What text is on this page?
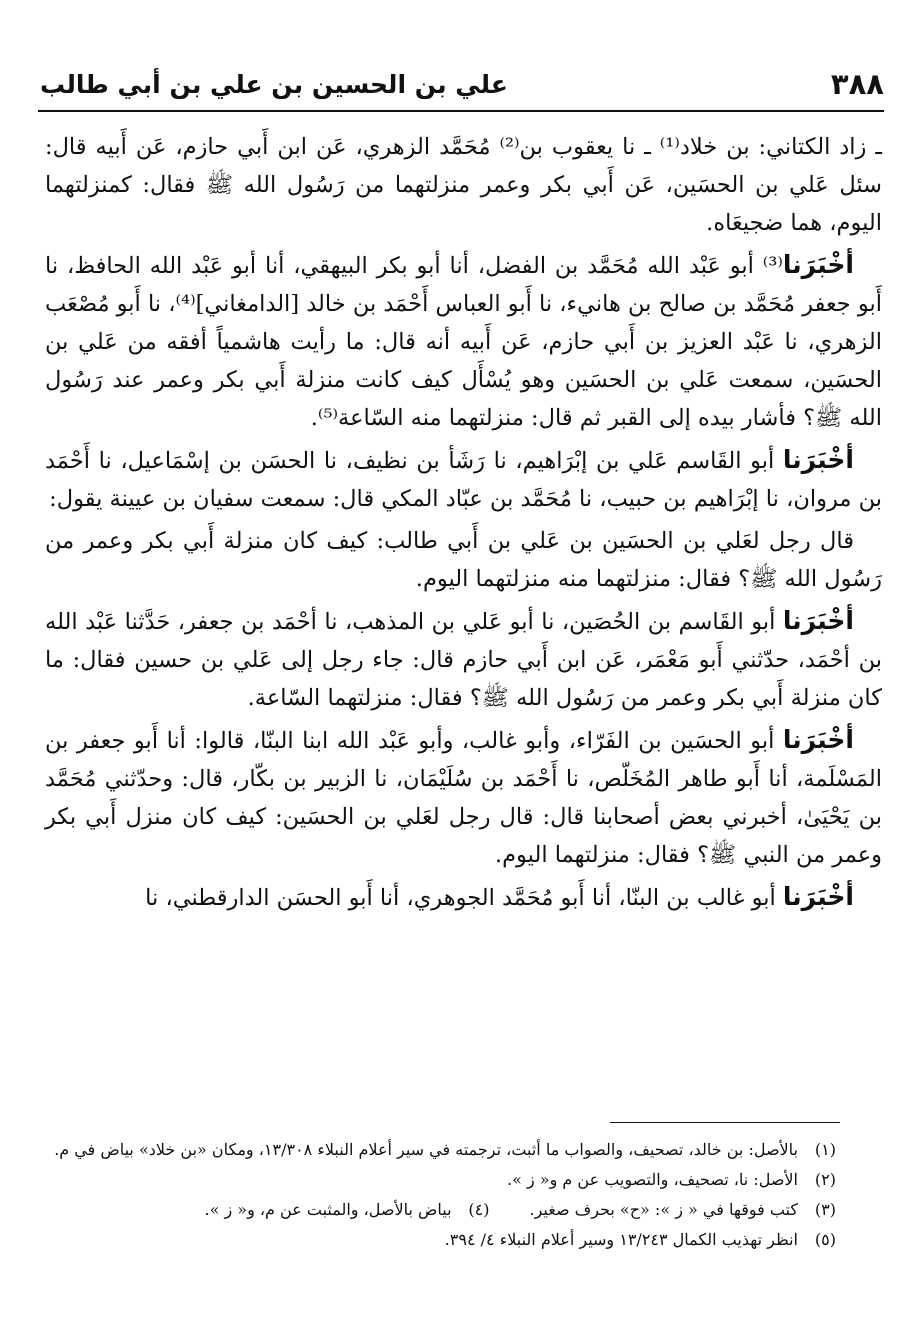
٣٨٨
علي بن الحسين بن علي بن أبي طالب

ـ زاد الكتاني: بن خلاد⁽¹⁾ ـ نا يعقوب بن⁽²⁾ مُحَمَّد الزهري، عَن ابن أَبي حازم، عَن أَبيه قال: سئل عَلي بن الحسَين، عَن أَبي بكر وعمر منزلتهما من رَسُول الله ﷺ فقال: كمنزلتهما اليوم، هما ضجيعَاه.

أخْبَرَنا⁽³⁾ أبو عَبْد الله مُحَمَّد بن الفضل، أنا أبو بكر البيهقي، أنا أبو عَبْد الله الحافظ، نا أَبو جعفر مُحَمَّد بن صالح بن هانيء، نا أَبو العباس أَحْمَد بن خالد [الدامغاني]⁽⁴⁾، نا أَبو مُصْعَب الزهري، نا عَبْد العزيز بن أَبي حازم، عَن أَبيه أنه قال: ما رأيت هاشمياً أفقه من عَلي بن الحسَين، سمعت عَلي بن الحسَين وهو يُسْأَل كيف كانت منزلة أَبي بكر وعمر عند رَسُول الله ﷺ؟ فأشار بيده إلى القبر ثم قال: منزلتهما منه السّاعة⁽⁵⁾.

أخْبَرَنا أبو القَاسم عَلي بن إبْرَاهيم، نا رَشَأ بن نظيف، نا الحسَن بن إسْمَاعيل، نا أَحْمَد بن مروان، نا إبْرَاهيم بن حبيب، نا مُحَمَّد بن عبّاد المكي قال: سمعت سفيان بن عيينة يقول:

قال رجل لعَلي بن الحسَين بن عَلي بن أَبي طالب: كيف كان منزلة أَبي بكر وعمر من رَسُول الله ﷺ؟ فقال: منزلتهما منه منزلتهما اليوم.

أخْبَرَنا أبو القَاسم بن الحُصَين، نا أبو عَلي بن المذهب، نا أحْمَد بن جعفر، حَدَّثنا عَبْد الله بن أحْمَد، حدّثني أَبو مَعْمَر، عَن ابن أَبي حازم قال: جاء رجل إلى عَلي بن حسين فقال: ما كان منزلة أَبي بكر وعمر من رَسُول الله ﷺ؟ فقال: منزلتهما السّاعة.

أخْبَرَنا أبو الحسَين بن الفَرّاء، وأبو غالب، وأبو عَبْد الله ابنا البنّا، قالوا: أنا أَبو جعفر بن المَسْلَمة، أنا أَبو طاهر المُخَلّص، نا أَحْمَد بن سُلَيْمَان، نا الزبير بن بكّار، قال: وحدّثني مُحَمَّد بن يَحْيَىٰ، أخبرني بعض أصحابنا قال: قال رجل لعَلي بن الحسَين: كيف كان منزل أَبي بكر وعمر من النبي ﷺ؟ فقال: منزلتهما اليوم.

أخْبَرَنا أبو غالب بن البنّا، أنا أَبو مُحَمَّد الجوهري، أنا أَبو الحسَن الدارقطني، نا

(١)
بالأصل: بن خالد، تصحيف، والصواب ما أثبت، ترجمته في سير أعلام النبلاء ١٣/٣٠٨، ومكان «بن خلاد» بياض في م.

(٢)
الأصل: نا، تصحيف، والتصويب عن م و« ز ».

(٣)
كتب فوقها في « ز »: «ح» بحرف صغير.

(٤)
بياض بالأصل، والمثبت عن م، و« ز ».

(٥)
انظر تهذيب الكمال ١٣/٢٤٣ وسير أعلام النبلاء ٤/ ٣٩٤.
